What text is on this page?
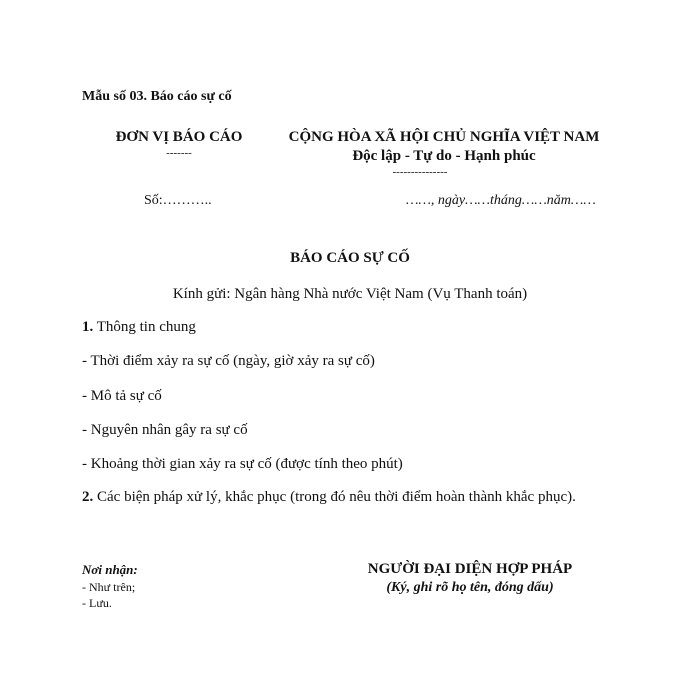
Mẫu số 03. Báo cáo sự cố
ĐƠN VỊ BÁO CÁO
-------
CỘNG HÒA XÃ HỘI CHỦ NGHĨA VIỆT NAM
Độc lập - Tự do - Hạnh phúc
---------------
Số:………..	……, ngày……tháng……năm……
BÁO CÁO SỰ CỐ
Kính gửi: Ngân hàng Nhà nước Việt Nam (Vụ Thanh toán)
1. Thông tin chung
- Thời điểm xảy ra sự cố (ngày, giờ xảy ra sự cố)
- Mô tả sự cố
- Nguyên nhân gây ra sự cố
- Khoảng thời gian xảy ra sự cố (được tính theo phút)
2. Các biện pháp xử lý, khắc phục (trong đó nêu thời điểm hoàn thành khắc phục).
Nơi nhận:
- Như trên;
- Lưu.
NGƯỜI ĐẠI DIỆN HỢP PHÁP
(Ký, ghi rõ họ tên, đóng dấu)
